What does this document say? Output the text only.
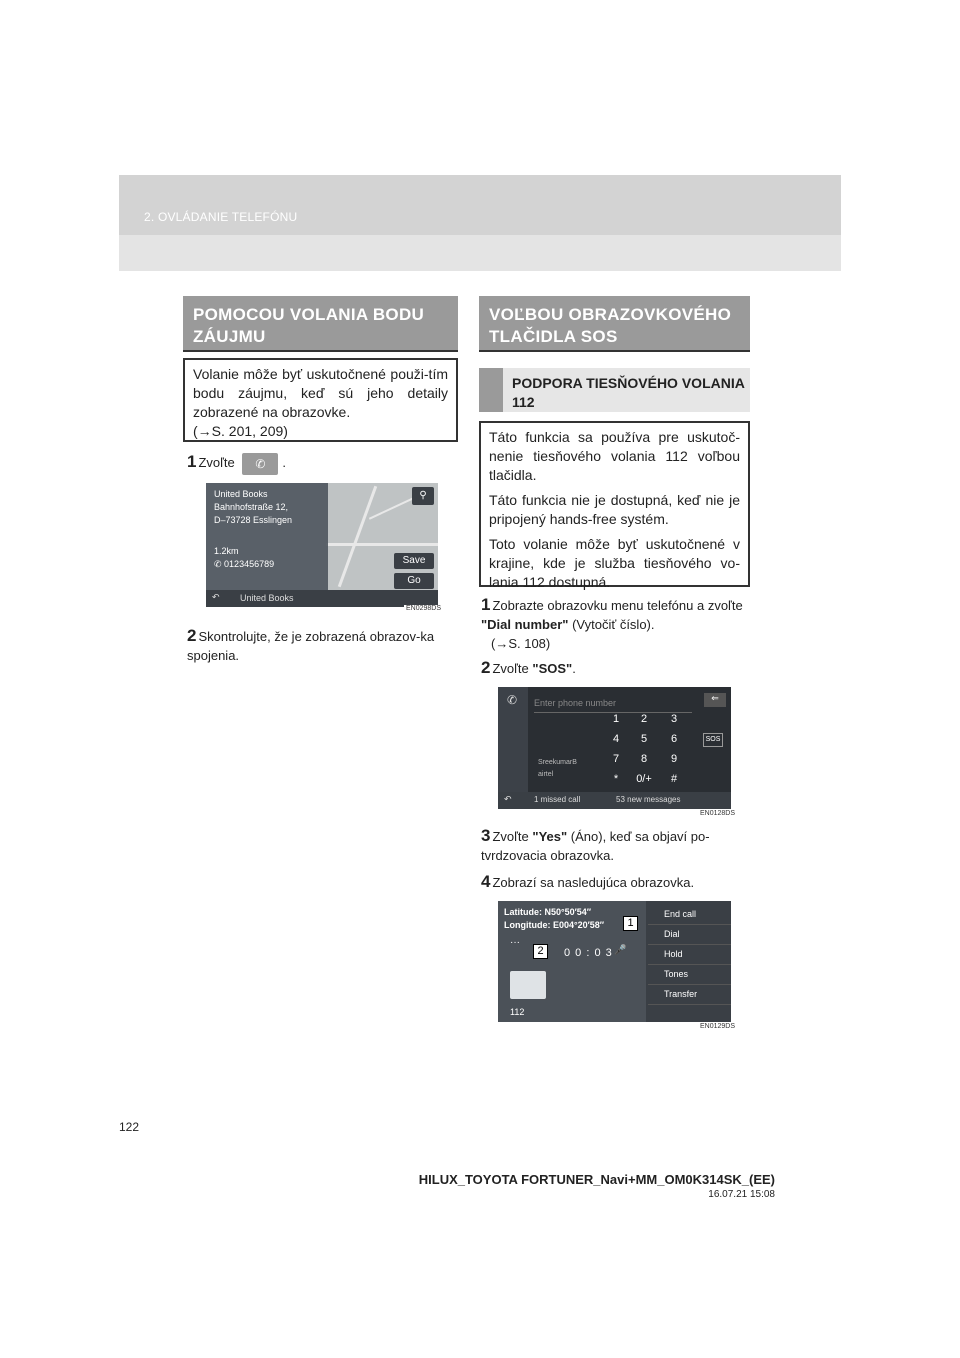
2. OVLÁDANIE TELEFÓNU
POMOCOU VOLANIA BODU ZÁUJMU

Volanie môže byť uskutočnené použi-tím bodu záujmu, keď sú jeho detaily zobrazené na obrazovke.

(→S. 201, 209)

1 Zvoľte ✆ .
United Books
Bahnhofstraße 12,
D–73728 Esslingen
1.2km
✆ 0123456789
⚲
Save
Go
↶ United Books
EN0298DS
2 Skontrolujte, že je zobrazená obrazov-ka spojenia.
VOĽBOU OBRAZOVKOVÉHO TLAČIDLA SOS
PODPORA TIESŇOVÉHO VOLANIA 112

Táto funkcia sa používa pre uskutoč-nenie tiesňového volania 112 voľbou tlačidla.

Táto funkcia nie je dostupná, keď nie je pripojený hands-free systém.

Toto volanie môže byť uskutočnené v krajine, kde je služba tiesňového vo-lania 112 dostupná.

1 Zobrazte obrazovku menu telefónu a zvoľte "Dial number" (Vytočiť číslo).
(→S. 108)
2 Zvoľte "SOS".
✆ Enter phone number	⇐
1	2	3
4	5	6
7	8	9
*	0/+	#
SOS
SreekumarB
airtel
↶	1 missed call	53 new messages
EN0128DS
3 Zvoľte "Yes" (Áno), keď sa objaví po-tvrdzovacia obrazovka.
4 Zobrazí sa nasledujúca obrazovka.
Latitude: N50°50′54″
Longitude: E004°20′58″
···
0 0 : 0 3 🎤
112
End call
Dial
Hold
Tones
Transfer
1
2
EN0129DS
122
HILUX_TOYOTA FORTUNER_Navi+MM_OM0K314SK_(EE)
16.07.21 15:08
